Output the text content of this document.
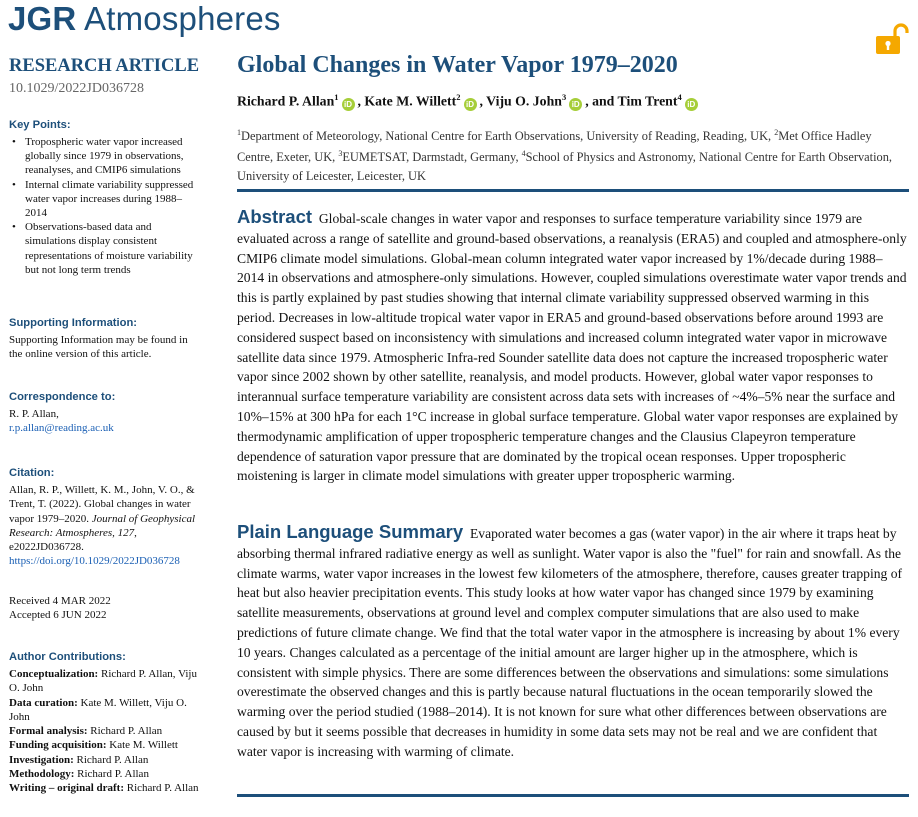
JGR Atmospheres
RESEARCH ARTICLE
10.1029/2022JD036728
Key Points:
• Tropospheric water vapor increased globally since 1979 in observations, reanalyses, and CMIP6 simulations
• Internal climate variability suppressed water vapor increases during 1988–2014
• Observations-based data and simulations display consistent representations of moisture variability but not long term trends
Supporting Information:
Supporting Information may be found in the online version of this article.
Correspondence to:
R. P. Allan,
r.p.allan@reading.ac.uk
Citation:
Allan, R. P., Willett, K. M., John, V. O., & Trent, T. (2022). Global changes in water vapor 1979–2020. Journal of Geophysical Research: Atmospheres, 127, e2022JD036728. https://doi.org/10.1029/2022JD036728
Received 4 MAR 2022
Accepted 6 JUN 2022
Author Contributions:
Conceptualization: Richard P. Allan, Viju O. John
Data curation: Kate M. Willett, Viju O. John
Formal analysis: Richard P. Allan
Funding acquisition: Kate M. Willett
Investigation: Richard P. Allan
Methodology: Richard P. Allan
Writing – original draft: Richard P. Allan
Global Changes in Water Vapor 1979–2020
Richard P. Allan$^1$iD , Kate M. Willett$^2$iD , Viju O. John$^3$iD , and Tim Trent$^4$iD
$^1$Department of Meteorology, National Centre for Earth Observations, University of Reading, Reading, UK, $^2$Met Office Hadley Centre, Exeter, UK, $^3$EUMETSAT, Darmstadt, Germany, $^4$School of Physics and Astronomy, National Centre for Earth Observation, University of Leicester, Leicester, UK
Abstract Global-scale changes in water vapor and responses to surface temperature variability since 1979 are evaluated across a range of satellite and ground-based observations, a reanalysis (ERA5) and coupled and atmosphere-only CMIP6 climate model simulations. Global-mean column integrated water vapor increased by 1%/decade during 1988–2014 in observations and atmosphere-only simulations. However, coupled simulations overestimate water vapor trends and this is partly explained by past studies showing that internal climate variability suppressed observed warming in this period. Decreases in low-altitude tropical water vapor in ERA5 and ground-based observations before around 1993 are considered suspect based on inconsistency with simulations and increased column integrated water vapor in microwave satellite data since 1979. Atmospheric Infra-red Sounder satellite data does not capture the increased tropospheric water vapor since 2002 shown by other satellite, reanalysis, and model products. However, global water vapor responses to interannual surface temperature variability are consistent across data sets with increases of ~4%–5% near the surface and 10%–15% at 300 hPa for each 1°C increase in global surface temperature. Global water vapor responses are explained by thermodynamic amplification of upper tropospheric temperature changes and the Clausius Clapeyron temperature dependence of saturation vapor pressure that are dominated by the tropical ocean responses. Upper tropospheric moistening is larger in climate model simulations with greater upper tropospheric warming.
Plain Language Summary Evaporated water becomes a gas (water vapor) in the air where it traps heat by absorbing thermal infrared radiative energy as well as sunlight. Water vapor is also the "fuel" for rain and snowfall. As the climate warms, water vapor increases in the lowest few kilometers of the atmosphere, therefore, causes greater trapping of heat but also heavier precipitation events. This study looks at how water vapor has changed since 1979 by examining satellite measurements, observations at ground level and complex computer simulations that are also used to make predictions of future climate change. We find that the total water vapor in the atmosphere is increasing by about 1% every 10 years. Changes calculated as a percentage of the initial amount are larger higher up in the atmosphere, which is consistent with simple physics. There are some differences between the observations and simulations: some simulations overestimate the observed changes and this is partly because natural fluctuations in the ocean temporarily slowed the warming over the period studied (1988–2014). It is not known for sure what other differences between observations are caused by but it seems possible that decreases in humidity in some data sets may not be real and we are confident that water vapor is increasing with warming of climate.
